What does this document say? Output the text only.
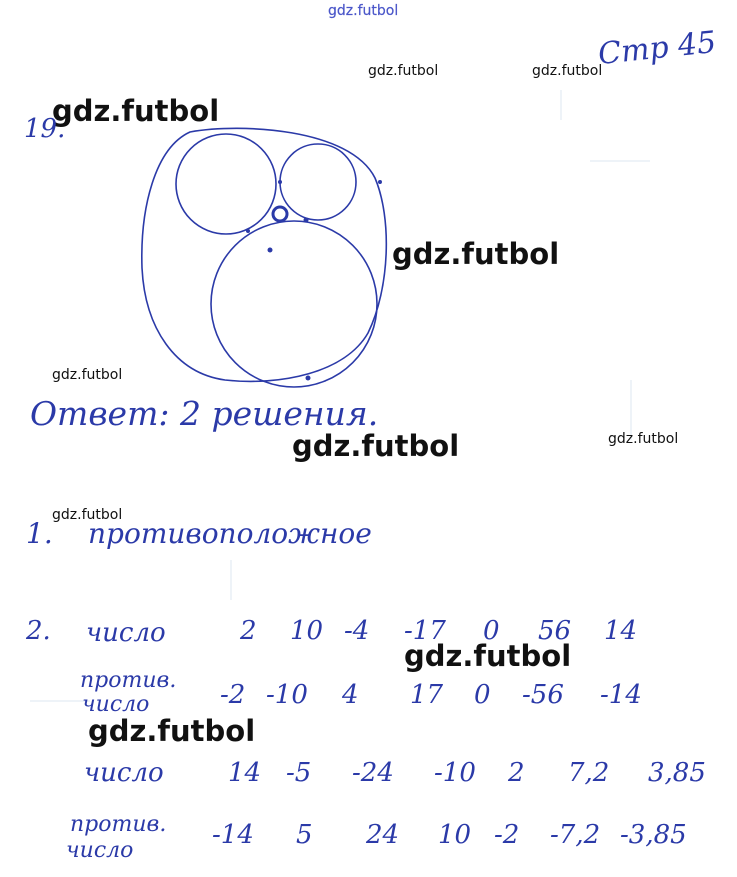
gdz.futbol
Стр 45
gdz.futbol	gdz.futbol
gdz.futbol
gdz.futbol
gdz.futbol
gdz.futbol	gdz.futbol
gdz.futbol
gdz.futbol
gdz.futbol
19.
Ответ: 2 решения.
1. противоположное
2. число	2 10 -4 -17 0 56 14
против.
число	-2 -10 4 17 0 -56 -14
число 14 -5 -24 -10 2 7,2 3,85
против.
число
-14 5 24 10 -2 -7,2 -3,85
